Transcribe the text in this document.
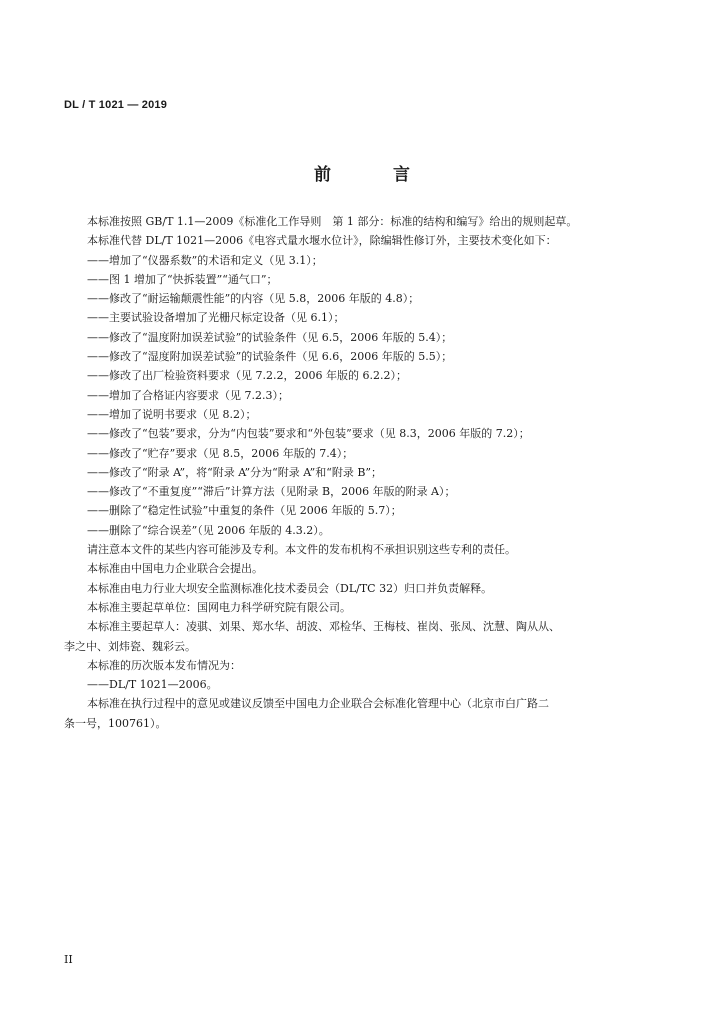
DL / T 1021 — 2019
前 言
本标准按照 GB/T 1.1—2009《标准化工作导则　第 1 部分：标准的结构和编写》给出的规则起草。
本标准代替 DL/T 1021—2006《电容式量水堰水位计》，除编辑性修订外，主要技术变化如下：
——增加了“仪器系数”的术语和定义（见 3.1）；
——图 1 增加了“快拆装置”“通气口”；
——修改了“耐运输颠震性能”的内容（见 5.8，2006 年版的 4.8）；
——主要试验设备增加了光栅尺标定设备（见 6.1）；
——修改了“温度附加误差试验”的试验条件（见 6.5，2006 年版的 5.4）；
——修改了“湿度附加误差试验”的试验条件（见 6.6，2006 年版的 5.5）；
——修改了出厂检验资料要求（见 7.2.2，2006 年版的 6.2.2）；
——增加了合格证内容要求（见 7.2.3）；
——增加了说明书要求（见 8.2）；
——修改了“包装”要求，分为“内包装”要求和“外包装”要求（见 8.3，2006 年版的 7.2）；
——修改了“贮存”要求（见 8.5，2006 年版的 7.4）；
——修改了“附录 A”，将“附录 A”分为“附录 A”和“附录 B”；
——修改了“不重复度”“滞后”计算方法（见附录 B，2006 年版的附录 A）；
——删除了“稳定性试验”中重复的条件（见 2006 年版的 5.7）；
——删除了“综合误差”（见 2006 年版的 4.3.2）。
请注意本文件的某些内容可能涉及专利。本文件的发布机构不承担识别这些专利的责任。
本标准由中国电力企业联合会提出。
本标准由电力行业大坝安全监测标准化技术委员会（DL/TC 32）归口并负责解释。
本标准主要起草单位：国网电力科学研究院有限公司。
本标准主要起草人：凌骐、刘果、郑水华、胡波、邓检华、王梅枝、崔岗、张凤、沈慧、陶从从、
李之中、刘炜瓷、魏彩云。
本标准的历次版本发布情况为：
——DL/T 1021—2006。
本标准在执行过程中的意见或建议反馈至中国电力企业联合会标准化管理中心（北京市白广路二
条一号，100761）。
II
